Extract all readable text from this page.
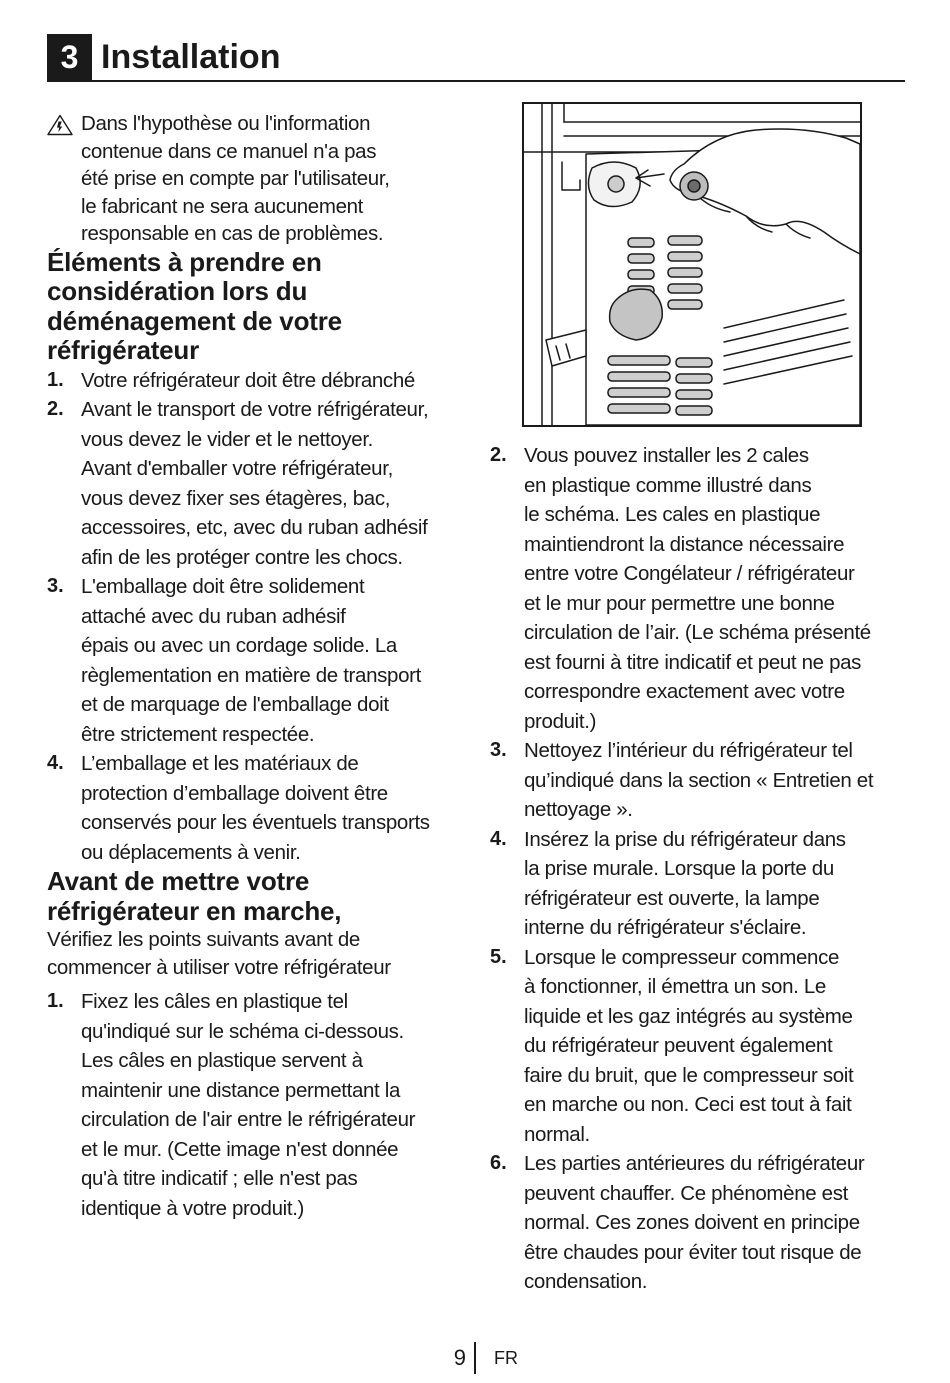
3 Installation

Dans l'hypothèse ou l'information

contenue dans ce manuel n'a pas

été prise en compte par l'utilisateur,

le fabricant ne sera aucunement

responsable en cas de problèmes.

Éléments à prendre en
considération lors du
déménagement de votre
réfrigérateur
1. Votre réfrigérateur doit être débranché

2. Avant le transport de votre réfrigérateur,

vous devez le vider et le nettoyer.

Avant d'emballer votre réfrigérateur,

vous devez fixer ses étagères, bac,

accessoires, etc, avec du ruban adhésif

afin de les protéger contre les chocs.

3. L'emballage doit être solidement

attaché avec du ruban adhésif

épais ou avec un cordage solide. La

règlementation en matière de transport

et de marquage de l'emballage doit

être strictement respectée.

4. L’emballage et les matériaux de

protection d’emballage doivent être

conservés pour les éventuels transports

ou déplacements à venir.

Avant de mettre votre
réfrigérateur en marche,

Vérifiez les points suivants avant de

commencer à utiliser votre réfrigérateur

1. Fixez les câles en plastique tel

qu'indiqué sur le schéma ci-dessous.

Les câles en plastique servent à

maintenir une distance permettant la

circulation de l'air entre le réfrigérateur

et le mur. (Cette image n'est donnée

qu'à titre indicatif ; elle n'est pas

identique à votre produit.)

2. Vous pouvez installer les 2 cales

en plastique comme illustré dans

le schéma. Les cales en plastique

maintiendront la distance nécessaire

entre votre Congélateur / réfrigérateur

et le mur pour permettre une bonne

circulation de l’air. (Le schéma présenté

est fourni à titre indicatif et peut ne pas

correspondre exactement avec votre

produit.)

3. Nettoyez l’intérieur du réfrigérateur tel

qu’indiqué dans la section « Entretien et

nettoyage ».

4. Insérez la prise du réfrigérateur dans

la prise murale. Lorsque la porte du

réfrigérateur est ouverte, la lampe

interne du réfrigérateur s'éclaire.

5. Lorsque le compresseur commence

à fonctionner, il émettra un son. Le

liquide et les gaz intégrés au système

du réfrigérateur peuvent également

faire du bruit, que le compresseur soit

en marche ou non. Ceci est tout à fait

normal.

6. Les parties antérieures du réfrigérateur

peuvent chauffer. Ce phénomène est

normal. Ces zones doivent en principe

être chaudes pour éviter tout risque de

condensation.

9 FR
